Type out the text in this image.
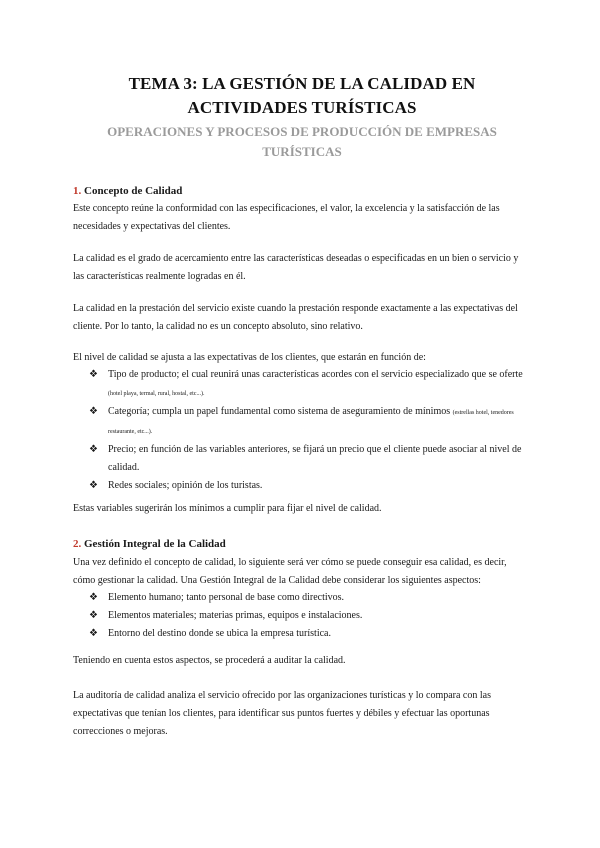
TEMA 3: LA GESTIÓN DE LA CALIDAD EN ACTIVIDADES TURÍSTICAS
OPERACIONES Y PROCESOS DE PRODUCCIÓN DE EMPRESAS TURÍSTICAS
1. Concepto de Calidad
Este concepto reúne la conformidad con las especificaciones, el valor, la excelencia y la satisfacción de las necesidades y expectativas del clientes.
La calidad es el grado de acercamiento entre las características deseadas o especificadas en un bien o servicio y las características realmente logradas en él.
La calidad en la prestación del servicio existe cuando la prestación responde exactamente a las expectativas del cliente. Por lo tanto, la calidad no es un concepto absoluto, sino relativo.
El nivel de calidad se ajusta a las expectativas de los clientes, que estarán en función de:
❖ Tipo de producto; el cual reunirá unas características acordes con el servicio especializado que se oferte (hotel playa, termal, rural, hostal, etc...).
❖ Categoría; cumpla un papel fundamental como sistema de aseguramiento de mínimos (estrellas hotel, tenedores restaurante, etc...).
❖ Precio; en función de las variables anteriores, se fijará un precio que el cliente puede asociar al nivel de calidad.
❖ Redes sociales; opinión de los turistas.
Estas variables sugerirán los mínimos a cumplir para fijar el nivel de calidad.
2. Gestión Integral de la Calidad
Una vez definido el concepto de calidad, lo siguiente será ver cómo se puede conseguir esa calidad, es decir, cómo gestionar la calidad. Una Gestión Integral de la Calidad debe considerar los siguientes aspectos:
❖ Elemento humano; tanto personal de base como directivos.
❖ Elementos materiales; materias primas, equipos e instalaciones.
❖ Entorno del destino donde se ubica la empresa turística.
Teniendo en cuenta estos aspectos, se procederá a auditar la calidad.
La auditoría de calidad analiza el servicio ofrecido por las organizaciones turísticas y lo compara con las expectativas que tenían los clientes, para identificar sus puntos fuertes y débiles y efectuar las oportunas correcciones o mejoras.
